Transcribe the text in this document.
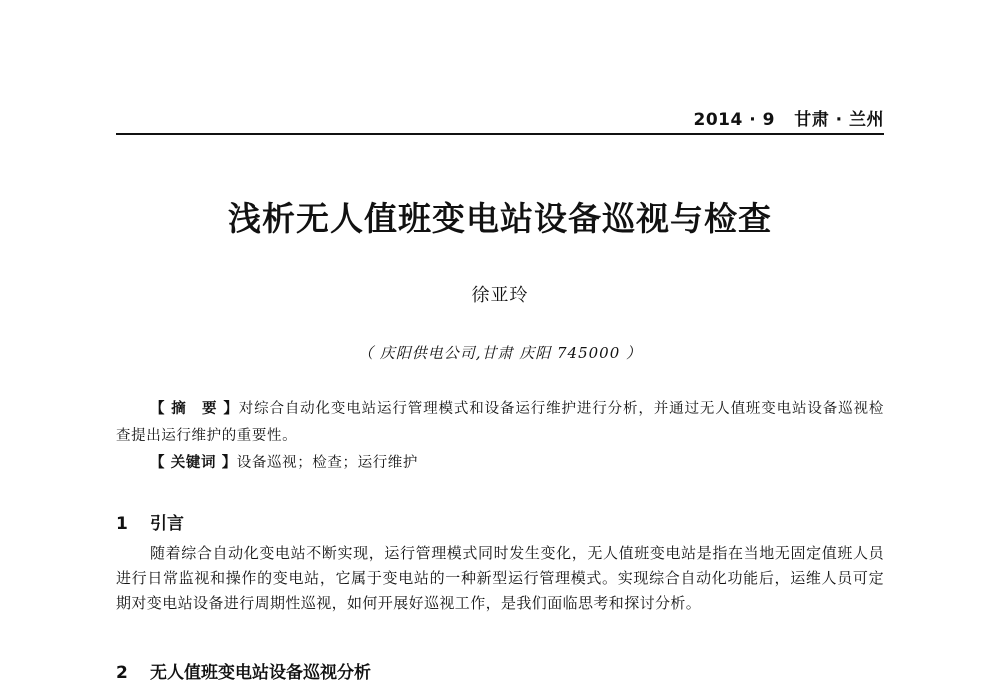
2014 · 9 甘肃 · 兰州
浅析无人值班变电站设备巡视与检查
徐亚玲
（ 庆阳供电公司,甘肃 庆阳 745000 ）
【 摘　要 】对综合自动化变电站运行管理模式和设备运行维护进行分析，并通过无人值班变电站设备巡视检查提出运行维护的重要性。
【 关键词 】设备巡视；检查；运行维护
1 引言
随着综合自动化变电站不断实现，运行管理模式同时发生变化，无人值班变电站是指在当地无固定值班人员进行日常监视和操作的变电站，它属于变电站的一种新型运行管理模式。实现综合自动化功能后，运维人员可定期对变电站设备进行周期性巡视，如何开展好巡视工作，是我们面临思考和探讨分析。
2 无人值班变电站设备巡视分析
